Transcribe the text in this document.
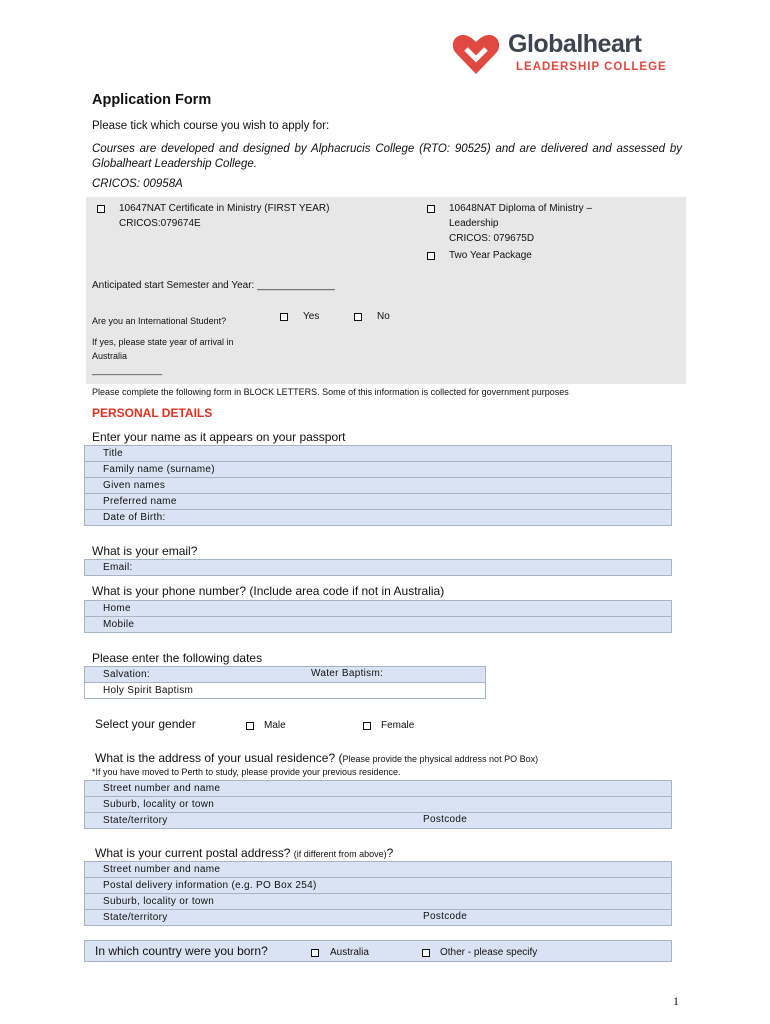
Globalheart
LEADERSHIP COLLEGE
Application Form
Please tick which course you wish to apply for:
Courses are developed and designed by Alphacrucis College (RTO: 90525) and are delivered and assessed by Globalheart Leadership College.
CRICOS: 00958A
10647NAT Certificate in Ministry (FIRST YEAR)
CRICOS:079674E
10648NAT Diploma of Ministry –
Leadership
CRICOS: 079675D
Two Year Package
Anticipated start Semester and Year: ______________
Are you an International Student?	Yes	No
If yes, please state year of arrival in
Australia
______________
Please complete the following form in BLOCK LETTERS. Some of this information is collected for government purposes
PERSONAL DETAILS
Enter your name as it appears on your passport
Title
Family name (surname)
Given names
Preferred name
Date of Birth:
What is your email?
Email:
What is your phone number? (Include area code if not in Australia)
Home
Mobile
Please enter the following dates
Salvation:	Water Baptism:

Holy Spirit Baptism
Select your gender	Male	Female
What is the address of your usual residence? (Please provide the physical address not PO Box)
*If you have moved to Perth to study, please provide your previous residence.
Street number and name
Suburb, locality or town
State/territory	Postcode
What is your current postal address? (if different from above)?
Street number and name
Postal delivery information (e.g. PO Box 254)
Suburb, locality or town
State/territory	Postcode
In which country were you born?	Australia	Other - please specify
1
